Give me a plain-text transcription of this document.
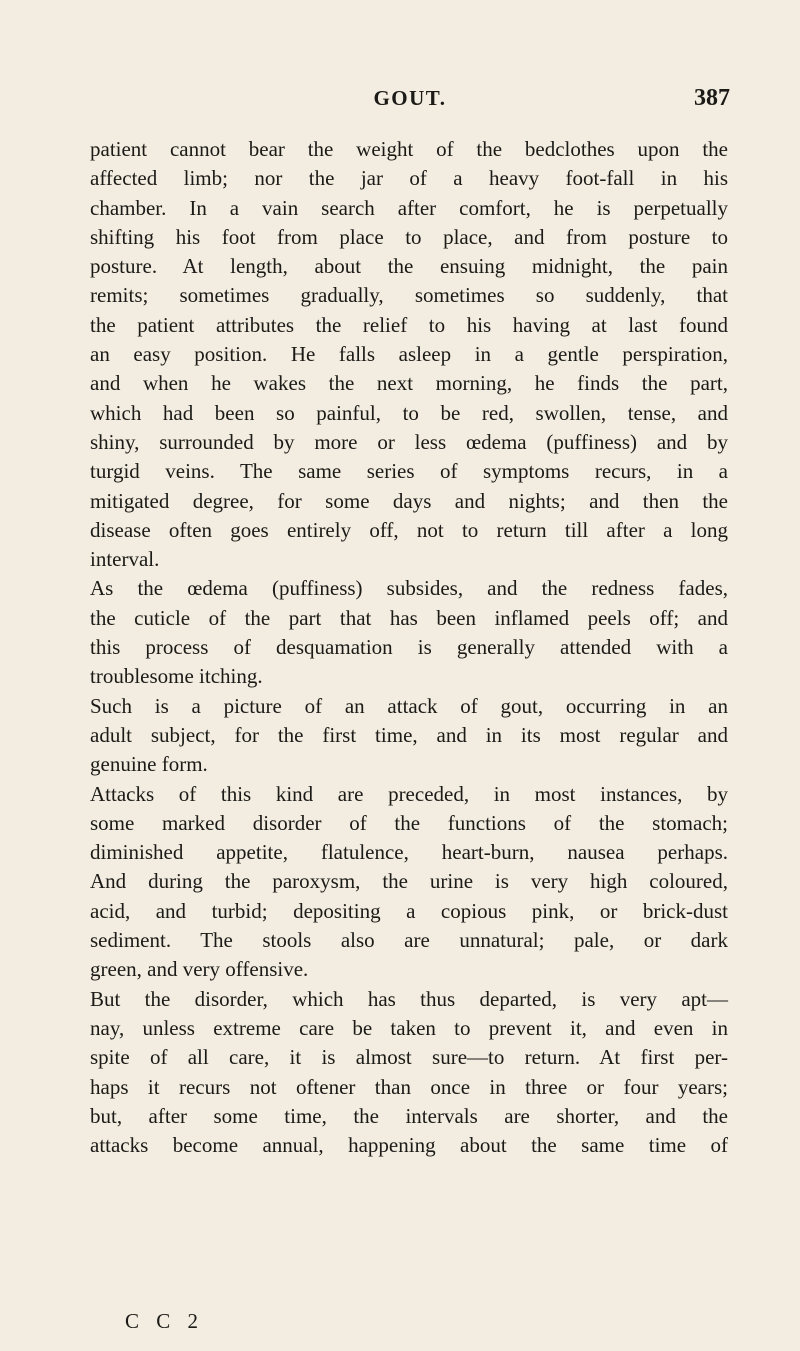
GOUT.	387
patient cannot bear the weight of the bedclothes upon the
affected limb; nor the jar of a heavy foot-fall in his
chamber. In a vain search after comfort, he is perpetually
shifting his foot from place to place, and from posture to
posture. At length, about the ensuing midnight, the pain
remits; sometimes gradually, sometimes so suddenly, that
the patient attributes the relief to his having at last found
an easy position. He falls asleep in a gentle perspiration,
and when he wakes the next morning, he finds the part,
which had been so painful, to be red, swollen, tense, and
shiny, surrounded by more or less œdema (puffiness) and by
turgid veins. The same series of symptoms recurs, in a
mitigated degree, for some days and nights; and then the
disease often goes entirely off, not to return till after a long
interval.
As the œdema (puffiness) subsides, and the redness fades,
the cuticle of the part that has been inflamed peels off; and
this process of desquamation is generally attended with a
troublesome itching.
Such is a picture of an attack of gout, occurring in an
adult subject, for the first time, and in its most regular and
genuine form.
Attacks of this kind are preceded, in most instances, by
some marked disorder of the functions of the stomach;
diminished appetite, flatulence, heart-burn, nausea perhaps.
And during the paroxysm, the urine is very high coloured,
acid, and turbid; depositing a copious pink, or brick-dust
sediment. The stools also are unnatural; pale, or dark
green, and very offensive.
But the disorder, which has thus departed, is very apt—
nay, unless extreme care be taken to prevent it, and even in
spite of all care, it is almost sure—to return. At first per-
haps it recurs not oftener than once in three or four years;
but, after some time, the intervals are shorter, and the
attacks become annual, happening about the same time of
C C 2
